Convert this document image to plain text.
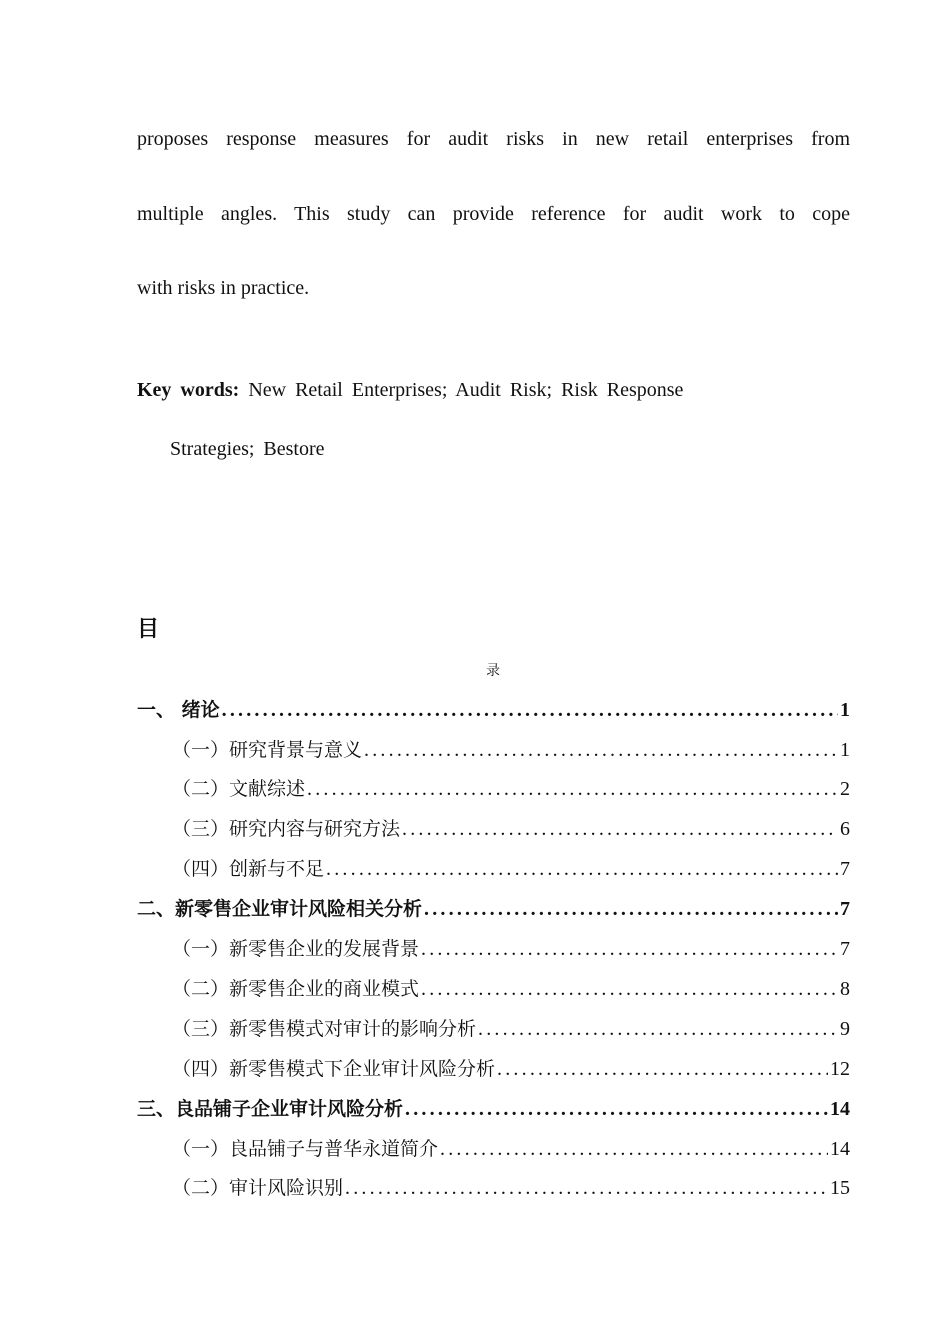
proposes response measures for audit risks in new retail enterprises from
multiple angles. This study can provide reference for audit work to cope
with risks in practice.
Key words: New Retail Enterprises; Audit Risk; Risk Response
Strategies; Bestore
目
录
一、 绪论 .....	1
（一）研究背景与意义 .....	1
（二）文献综述 .....	2
（三）研究内容与研究方法 .....	6
（四）创新与不足 .....	7
二、新零售企业审计风险相关分析 .....	7
（一）新零售企业的发展背景 .....	7
（二）新零售企业的商业模式 .....	8
（三）新零售模式对审计的影响分析 .....	9
（四）新零售模式下企业审计风险分析 .....	12
三、良品铺子企业审计风险分析 .....	14
（一）良品铺子与普华永道简介 .....	14
（二）审计风险识别 .....	15
